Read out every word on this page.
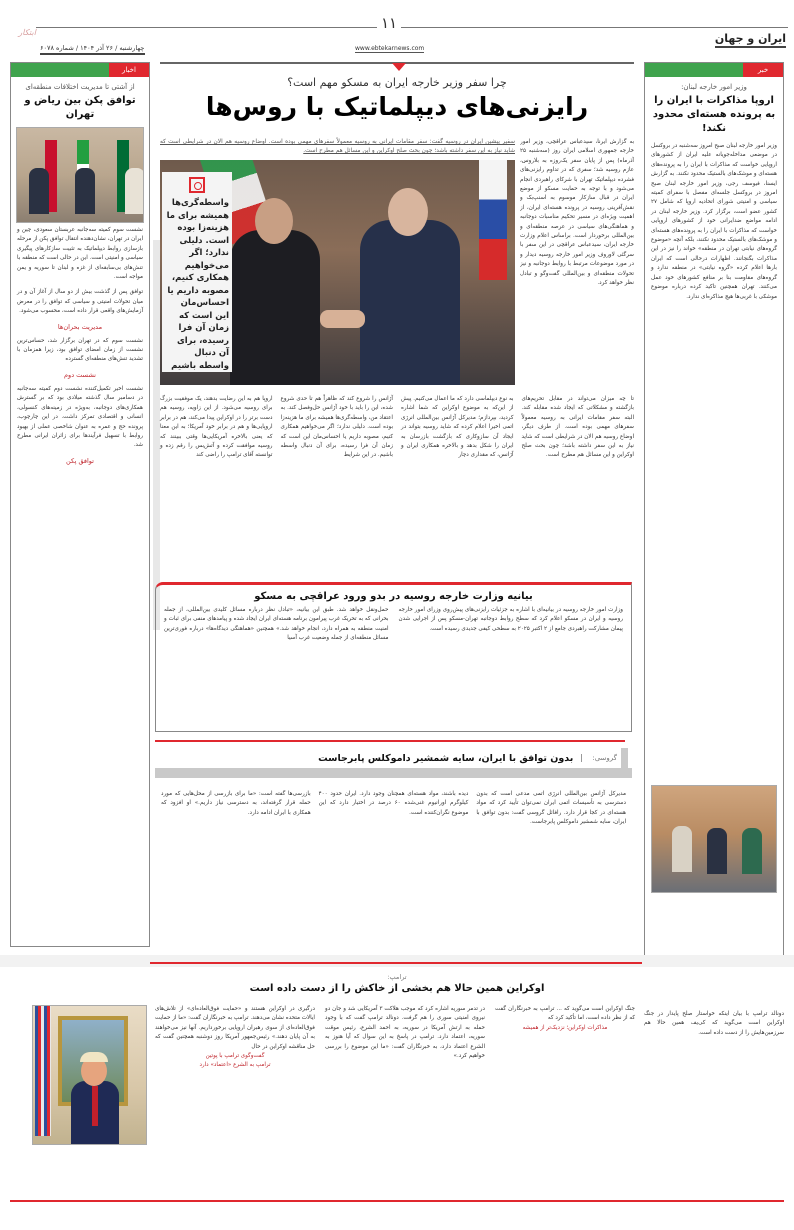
ایران و جهان
۱۱
www.ebtekarnews.com
چهارشنبه / ۲۶ آذر ۱۴۰۴ / شماره ۶۰۷۸
ابتکار
خبر
وزیر امور خارجه لبنان:
اروپا مذاکرات با ایران را به پرونده هسته‌ای محدود نکند!
وزیر امور خارجه لبنان صبح امروز سه‌شنبه در بروکسل در موضعی مداخله‌جویانه علیه ایران از کشورهای اروپایی خواست که مذاکرات با ایران را به پرونده‌های هسته‌ای و موشک‌های بالستیک محدود نکنند. به گزارش ایسنا، فیوسف رجی، وزیر امور خارجه لبنان صبح امروز در بروکسل جلسه‌ای مفصل با سفرای کمیته سیاسی و امنیتی شورای اتحادیه اروپا که شامل ۲۷ کشور عضو است، برگزار کرد. وزیر خارجه لبنان در ادامه مواضع ضدایرانی خود از کشورهای اروپایی خواست که مذاکرات با ایران را به پرونده‌های هسته‌ای و موشک‌های بالستیک محدود نکنند، بلکه آنچه «موضوع گروه‌های نیابتی تهران در منطقه» خواند را نیز در این مذاکرات بگنجانند. اظهارات درحالی است که ایران بارها اعلام کرده «گروه نیابتی» در منطقه ندارد و گروه‌های مقاومت بنا بر منافع کشورهای خود عمل می‌کنند. تهران همچنین تاکید کرده درباره موضوع موشکی با غربی‌ها هیچ مذاکره‌ای ندارد.
اخبار
از آشتی تا مدیریت اختلافات منطقه‌ای
توافق پکن بین ریاض و تهران
نشست سوم کمیته سه‌جانبه عربستان سعودی، چین و ایران در تهران، نشان‌دهنده انتقال توافق پکن از مرحله بازسازی روابط دیپلماتیک به تثبیت سازکارهای پیگیری سیاسی و امنیتی است. این در حالی است که منطقه با تنش‌های بی‌سابقه‌ای از غزه و لبنان تا سوریه و یمن مواجه است.
توافق پس از گذشت بیش از دو سال از آغاز آن و در میان تحولات امنیتی و سیاسی که توافق را در معرض آزمایش‌های واقعی قرار داده است، محسوب می‌شود.
مدیریت بحران‌ها
نشست سوم که در تهران برگزار شد، حساس‌ترین نشست از زمان امضای توافق بود، زیرا همزمان با تشدید تنش‌های منطقه‌ای گسترده
نشست دوم
نشست اخیر تکمیل‌کننده نشست دوم کمیته سه‌جانبه در دسامبر سال گذشته میلادی بود که بر گسترش همکاری‌های دوجانبه، به‌ویژه در زمینه‌های کنسولی، انسانی و اقتصادی تمرکز داشت. در این چارچوب، پرونده حج و عمره به عنوان شاخصی عملی از بهبود روابط با تسهیل فرآیندها برای زائران ایرانی مطرح شد.
توافق پکن
چرا سفر وزیر خارجه ایران به مسکو مهم است؟
رایزنی‌های دیپلماتیک با روس‌ها
سفیر پیشین ایران در روسیه گفت: سفر مقامات ایرانی به روسیه معمولاً سفرهای مهمی بوده است. اوضاع روسیه هم الان در شرایطی است که شاید نیاز به این سفر داشته باشد؛ چون بحث صلح اوکراین و این مسائل هم مطرح است.
به گزارش ایرنا، سیدعباس عراقچی، وزیر امور خارجه جمهوری اسلامی ایران روز (سه‌شنبه ۲۵ آذرماه) پس از پایان سفر یک‌روزه به بلاروس، عازم روسیه شد؛ سفری که در تداوم رایزنی‌های فشرده دیپلماتیک تهران با شرکای راهبردی انجام می‌شود و با توجه به حمایت مسکو از موضع ایران در قبال سازکار موسوم به اسنپ‌بک و نقش‌آفرینی روسیه در پرونده هسته‌ای ایران، از اهمیت ویژه‌ای در مسیر تحکیم مناسبات دوجانبه و هماهنگی‌های سیاسی در عرصه منطقه‌ای و بین‌المللی برخوردار است. براساس اعلام وزارت خارجه ایران، سیدعباس عراقچی در این سفر با سرگئی لاوروف وزیر امور خارجه روسیه دیدار و در مورد موضوعات مرتبط با روابط دوجانبه و نیز تحولات منطقه‌ای و بین‌المللی گفت‌وگو و تبادل نظر خواهد کرد.
واسطه‌گری‌ها همیشه برای ما هزینه‌زا بوده است. دلیلی ندارد؛ اگر می‌خواهیم همکاری کنیم، مصوبه داریم یا احساس‌مان این است که زمان آن فرا رسیده، برای آن دنبال واسطه باشیم
تا چه میزان می‌تواند در مقابل تحریم‌های بازگشته و مشکلاتی که ایجاد شده مقابله کند. البته سفر مقامات ایرانی به روسیه معمولاً سفرهای مهمی بوده است. از طرف دیگر، اوضاع روسیه هم الان در شرایطی است که شاید نیاز به این سفر داشته باشد؛ چون بحث صلح اوکراین و این مسائل هم مطرح است.
به نوع دیپلماسی دارد که ما اعمال می‌کنیم. پیش از این‌که به موضوع اوکراین که شما اشاره کردید، بپردازم؛ مدیرکل آژانس بین‌المللی انرژی اتمی اخیرا اعلام کرده که شاید روسیه بتواند در ایجاد آن سازوکاری که بازگشت بازرسان به ایران را شکل بدهد و بالاخره همکاری ایران و آژانس، که مقداری دچار
آژانس را شروع کند که ظاهراً هم تا حدی شروع شده، این را باید با خود آژانس حل‌وفصل کند. به اعتقاد من، واسطه‌گری‌ها همیشه برای ما هزینه‌زا بوده است. دلیلی ندارد؛ اگر می‌خواهیم همکاری کنیم، مصوبه داریم یا احساس‌مان این است که زمان آن فرا رسیده، برای آن دنبال واسطه باشیم. در این شرایط
اروپا هم به این رضایت بدهند، یک موفقیت بزرگ برای روسیه می‌شود. از این زاویه، روسیه هم دست برتر را در اوکراین پیدا می‌کند، هم در برابر اروپایی‌ها و هم در برابر خود آمریکا؛ به این معنا که یعنی بالاخره آمریکایی‌ها وقتی ببینند که روسیه موافقت کرده و آتش‌بس را رقم زده و توانسته آقای ترامپ را راضی کند
بیانیه وزارت خارجه روسیه در بدو ورود عراقچی به مسکو
وزارت امور خارجه روسیه در بیانیه‌ای با اشاره به جزئیات رایزنی‌های پیش‌روی وزرای امور خارجه روسیه و ایران در مسکو اعلام کرد که سطح روابط دوجانبه تهران-مسکو پس از اجرایی شدن پیمان مشارکت راهبردی جامع از ۲ اکتبر ۲۰۲۵ به سطحی کیفی جدیدی رسیده است.
حمل‌ونقل خواهد شد. طبق این بیانیه، «تبادل نظر درباره مسائل کلیدی بین‌المللی، از جمله بحرانی که به تحریک غرب پیرامون برنامه هسته‌ای ایران ایجاد شده و پیامدهای منفی برای ثبات و امنیت منطقه به همراه دارد، انجام خواهد شد.» همچنین «هماهنگی دیدگاه‌ها» درباره فوری‌ترین مسائل منطقه‌ای از جمله وضعیت غرب آسیا
گروسی:
بدون توافق با ایران، سایه شمشیر داموکلس پابرجاست
مدیرکل آژانس بین‌المللی انرژی اتمی مدعی است که بدون دسترسی به تأسیسات اتمی ایران نمی‌توان تأیید کرد که مواد هسته‌ای در کجا قرار دارد. رافائل گروسی گفت: بدون توافق با ایران، سایه شمشیر داموکلس پابرجاست.
دیده باشند، مواد هسته‌ای همچنان وجود دارد. ایران حدود ۴۰۰ کیلوگرم اورانیوم غنی‌شده ۶۰ درصد در اختیار دارد که این موضوع نگران‌کننده است.
بازرسی‌ها گفته است: «ما برای بازرسی از محل‌هایی که مورد حمله قرار گرفته‌اند، به دسترسی نیاز داریم.» او افزود که همکاری با ایران ادامه دارد.
ترامپ:
اوکراین همین حالا هم بخشی از خاکش را از دست داده است
در تدمر سوریه اشاره کرد که موجب هلاکت ۳ آمریکایی شد و جان دو نیروی امنیتی سوری را هم گرفت. دونالد ترامپ گفت که با وجود حمله به ارتش آمریکا در سوریه، به احمد الشرع، رئیس موقت سوریه، اعتماد دارد. ترامپ در پاسخ به این سوال که آیا هنوز به الشرع اعتماد دارد، به خبرنگاران گفت: «ما این موضوع را بررسی خواهیم کرد.»
درگیری در اوکراین هستند و «حمایت فوق‌العاده‌ای» از تلاش‌های ایالات متحده نشان می‌دهند. ترامپ به خبرنگاران گفت: «ما از حمایت فوق‌العاده‌ای از سوی رهبران اروپایی برخورداریم. آنها نیز می‌خواهند به آن پایان دهند.» رئیس‌جمهور آمریکا روز دوشنبه همچنین گفت که حل مناقشه اوکراین در حال
گفت‌وگوی ترامپ با پوتین
ترامپ به الشرع «اعتماد» دارد
جنگ اوکراین است می‌گوید که ... ترامپ به خبرنگاران گفت که از نظر داده است، اما تأکید کرد که
مذاکرات اوکراین؛ نزدیک‌تر از همیشه
دونالد ترامپ با بیان اینکه خواستار صلح پایدار در جنگ اوکراین است می‌گوید که کی‌یف همین حالا هم سرزمین‌هایش را از دست داده است.
